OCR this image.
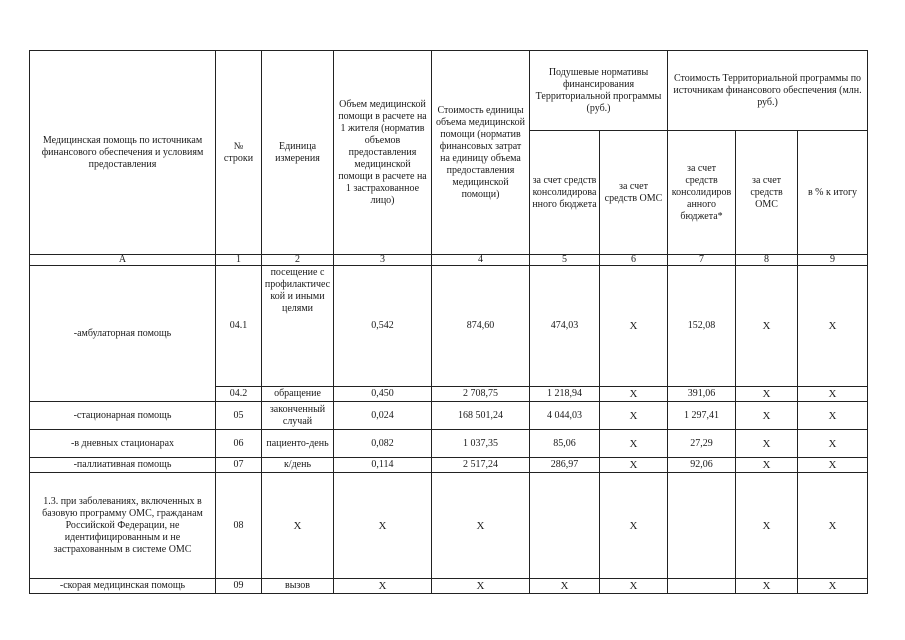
Медицинская помощь по источникам финансового обеспечения и условиям предоставления	№ строки	Единица измерения	Объем медицинской помощи в расчете на 1 жителя (норматив объемов предоставления медицинской помощи в расчете на 1 застрахованное лицо)	Стоимость единицы объема медицинской помощи (норматив финансовых затрат на единицу объема предоставления медицинской помощи)	Подушевые нормативы финансирования Территориальной программы (руб.)		Стоимость Территориальной программы по источникам финансового обеспечения (млн. руб.)		
					за счет средств консолидированного бюджета	за счет средств ОМС	за счет средств консолидированного бюджета*	за счет средств ОМС	в % к итогу
А	1	2	3	4	5	6	7	8	9
-амбулаторная помощь	04.1	посещение с профилактической и иными целями	0,542	874,60	474,03	X	152,08	X	X
	04.2	обращение	0,450	2 708,75	1 218,94	X	391,06	X	X
-стационарная помощь	05	законченный случай	0,024	168 501,24	4 044,03	X	1 297,41	X	X
-в дневных стационарах	06	пациенто-день	0,082	1 037,35	85,06	X	27,29	X	X
-паллиативная помощь	07	к/день	0,114	2 517,24	286,97	X	92,06	X	X
1.3. при заболеваниях, включенных в базовую программу ОМС, гражданам Российской Федерации, не идентифицированным и не застрахованным в системе ОМС	08	X	X	X		X		X	X
-скорая медицинская помощь	09	вызов	X	X	X	X		X	X
